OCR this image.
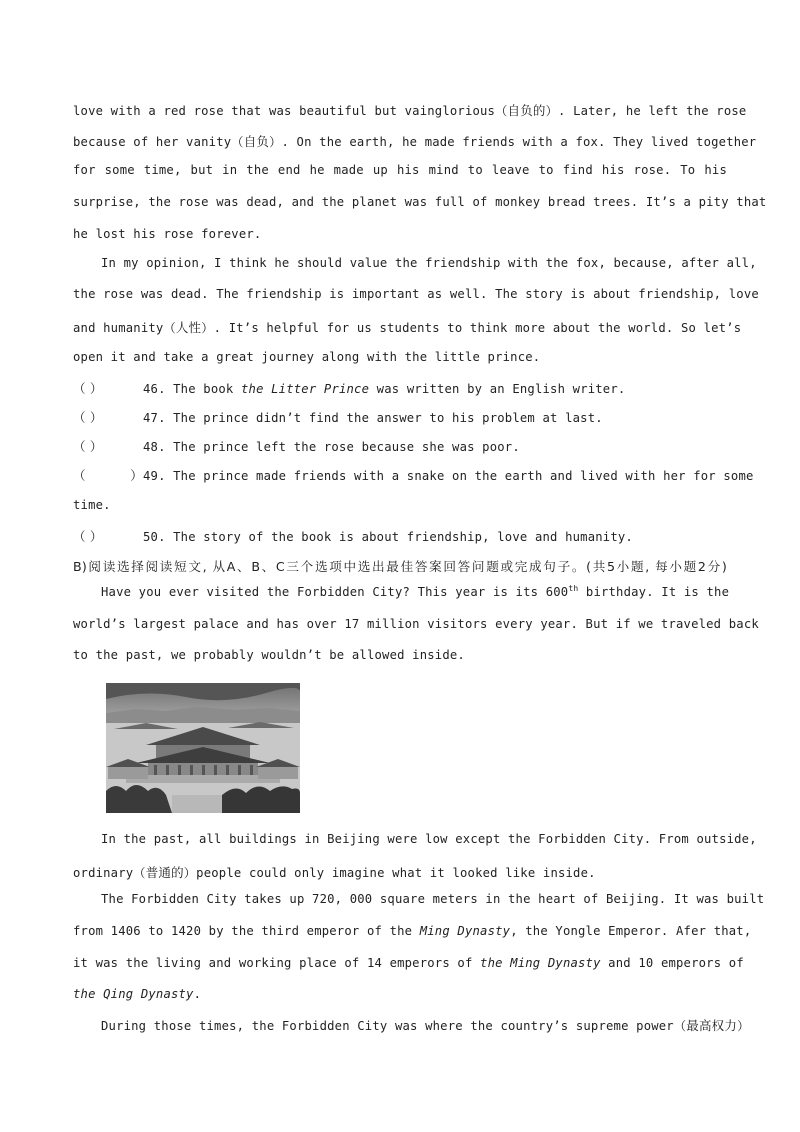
love with a red rose that was beautiful but vainglorious（自负的）. Later, he left the rose
because of her vanity（自负）. On the earth, he made friends with a fox. They lived together
for some time, but in the end he made up his mind to leave to find his rose. To his
surprise, the rose was dead, and the planet was full of monkey bread trees. It’s a pity that
he lost his rose forever.
In my opinion, I think he should value the friendship with the fox, because, after all,
the rose was dead. The friendship is important as well. The story is about friendship, love
and humanity（人性）. It’s helpful for us students to think more about the world. So let’s
open it and take a great journey along with the little prince.
（ ）	46. The book the Litter Prince was written by an English writer.
（ ）	47. The prince didn’t find the answer to his problem at last.
（ ）	48. The prince left the rose because she was poor.
（ ）49. The prince made friends with a snake on the earth and lived with her for some
time.
（ ）	50. The story of the book is about friendship, love and humanity.
B)阅读选择阅读短文, 从A、B、C三个选项中选出最佳答案回答问题或完成句子。(共5小题, 每小题2分)
Have you ever visited the Forbidden City? This year is its 600th birthday. It is the
world’s largest palace and has over 17 million visitors every year. But if we traveled back
to the past, we probably wouldn’t be allowed inside.
In the past, all buildings in Beijing were low except the Forbidden City. From outside,
ordinary（普通的）people could only imagine what it looked like inside.
The Forbidden City takes up 720, 000 square meters in the heart of Beijing. It was built
from 1406 to 1420 by the third emperor of the Ming Dynasty, the Yongle Emperor. Afer that,
it was the living and working place of 14 emperors of the Ming Dynasty and 10 emperors of
the Qing Dynasty.
During those times, the Forbidden City was where the country’s supreme power（最高权力）
